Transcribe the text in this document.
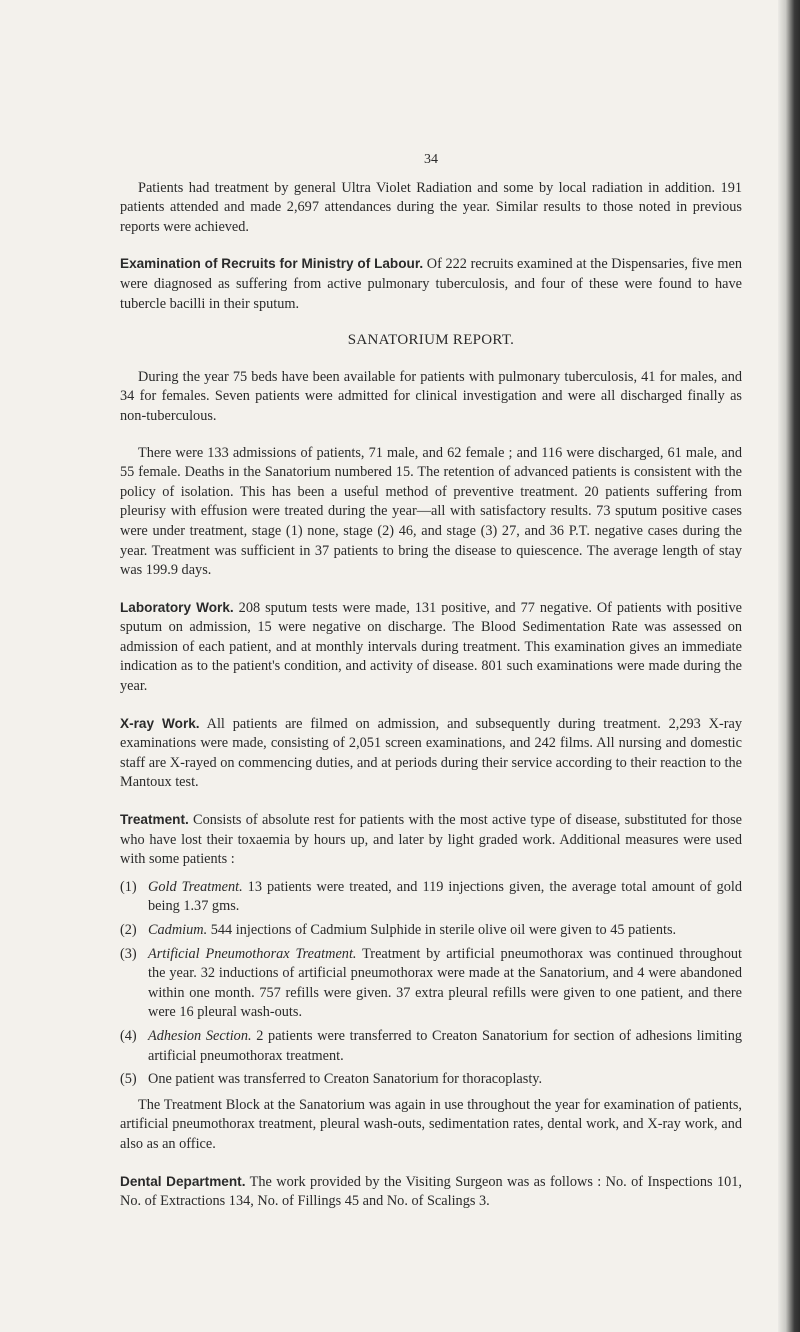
34

Patients had treatment by general Ultra Violet Radiation and some by local radiation in addition. 191 patients attended and made 2,697 attendances during the year. Similar results to those noted in previous reports were achieved.

Examination of Recruits for Ministry of Labour. Of 222 recruits examined at the Dispensaries, five men were diagnosed as suffering from active pulmonary tuberculosis, and four of these were found to have tubercle bacilli in their sputum.

SANATORIUM REPORT.

During the year 75 beds have been available for patients with pulmonary tuberculosis, 41 for males, and 34 for females. Seven patients were admitted for clinical investigation and were all discharged finally as non-tuberculous.

There were 133 admissions of patients, 71 male, and 62 female ; and 116 were discharged, 61 male, and 55 female. Deaths in the Sanatorium numbered 15. The retention of advanced patients is consistent with the policy of isolation. This has been a useful method of preventive treatment. 20 patients suffering from pleurisy with effusion were treated during the year—all with satisfactory results. 73 sputum positive cases were under treatment, stage (1) none, stage (2) 46, and stage (3) 27, and 36 P.T. negative cases during the year. Treatment was sufficient in 37 patients to bring the disease to quiescence. The average length of stay was 199.9 days.

Laboratory Work. 208 sputum tests were made, 131 positive, and 77 negative. Of patients with positive sputum on admission, 15 were negative on discharge. The Blood Sedimentation Rate was assessed on admission of each patient, and at monthly intervals during treatment. This examination gives an immediate indication as to the patient's condition, and activity of disease. 801 such examinations were made during the year.

X-ray Work. All patients are filmed on admission, and subsequently during treatment. 2,293 X-ray examinations were made, consisting of 2,051 screen examinations, and 242 films. All nursing and domestic staff are X-rayed on commencing duties, and at periods during their service according to their reaction to the Mantoux test.

Treatment. Consists of absolute rest for patients with the most active type of disease, substituted for those who have lost their toxaemia by hours up, and later by light graded work. Additional measures were used with some patients :

(1) Gold Treatment. 13 patients were treated, and 119 injections given, the average total amount of gold being 1.37 gms.
(2) Cadmium. 544 injections of Cadmium Sulphide in sterile olive oil were given to 45 patients.
(3) Artificial Pneumothorax Treatment. Treatment by artificial pneumothorax was continued throughout the year. 32 inductions of artificial pneumothorax were made at the Sanatorium, and 4 were abandoned within one month. 757 refills were given. 37 extra pleural refills were given to one patient, and there were 16 pleural wash-outs.
(4) Adhesion Section. 2 patients were transferred to Creaton Sanatorium for section of adhesions limiting artificial pneumothorax treatment.
(5) One patient was transferred to Creaton Sanatorium for thoracoplasty.

The Treatment Block at the Sanatorium was again in use throughout the year for examination of patients, artificial pneumothorax treatment, pleural wash-outs, sedimentation rates, dental work, and X-ray work, and also as an office.

Dental Department. The work provided by the Visiting Surgeon was as follows : No. of Inspections 101, No. of Extractions 134, No. of Fillings 45 and No. of Scalings 3.
